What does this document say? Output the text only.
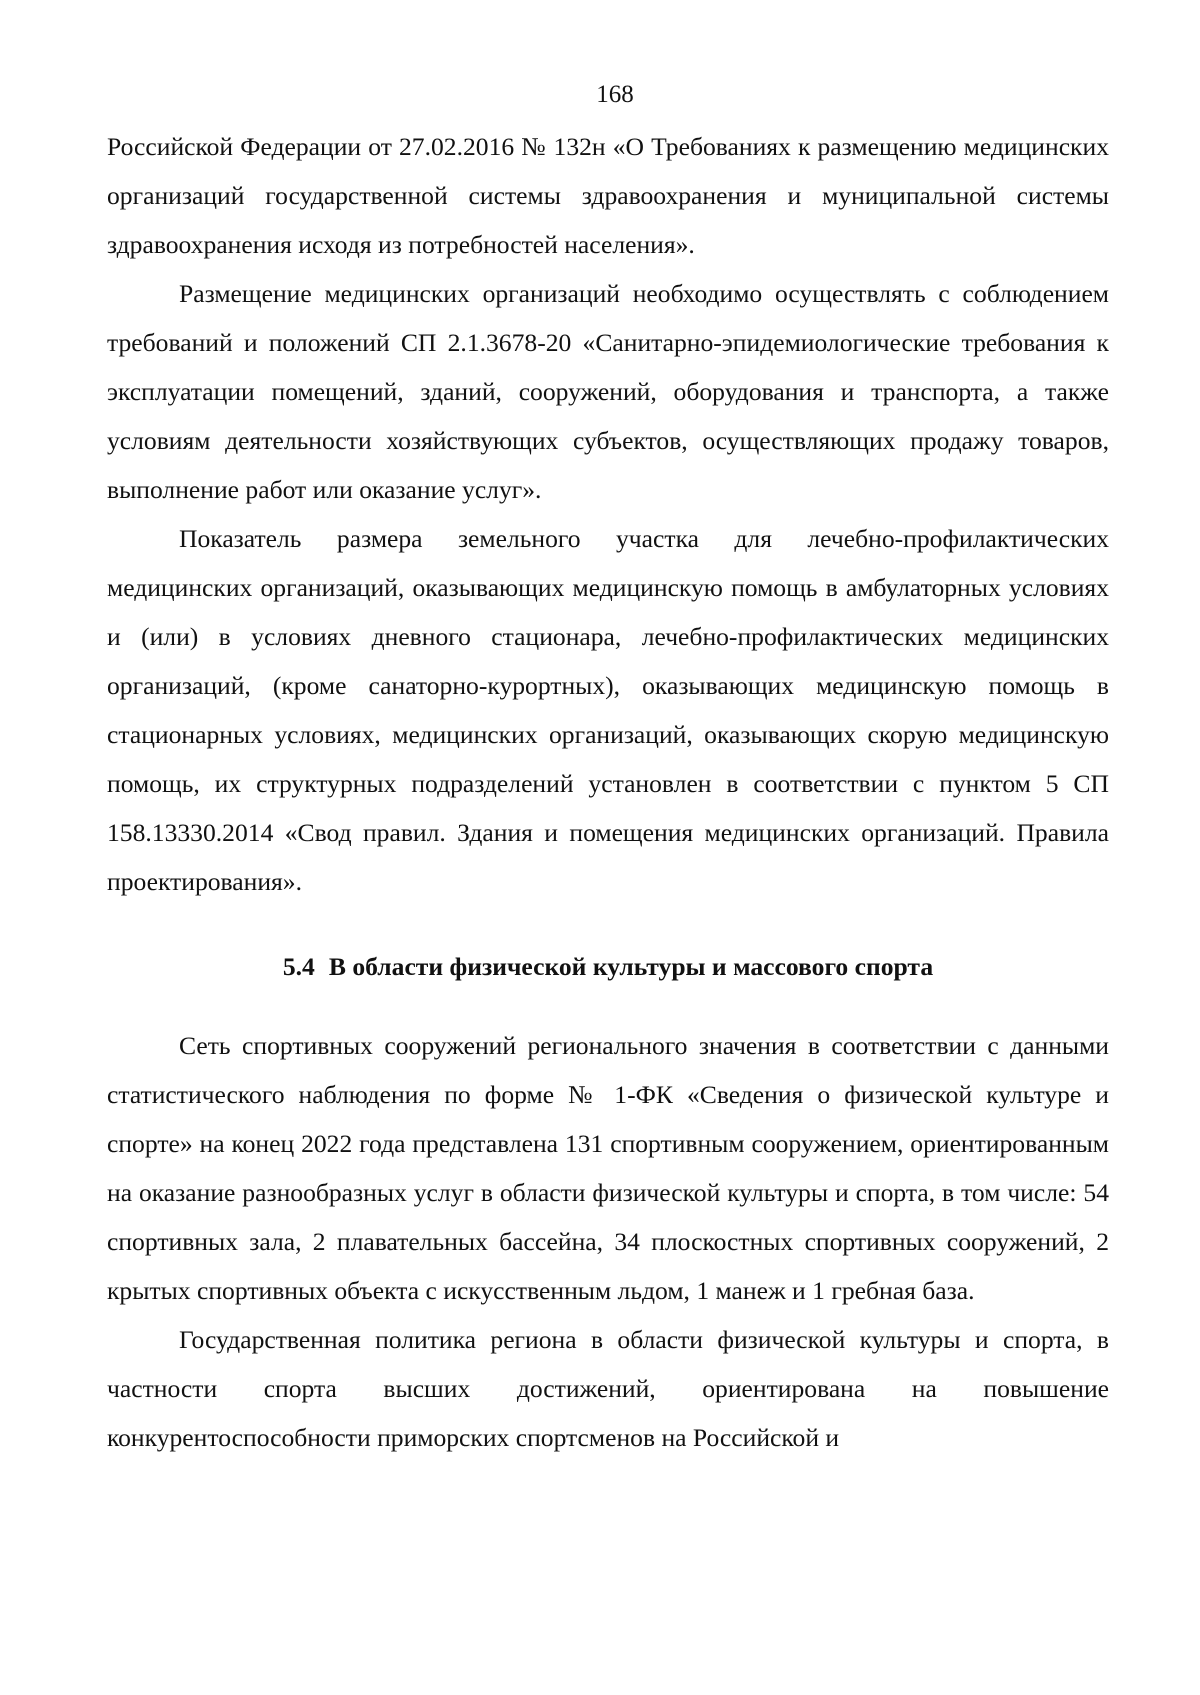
168

Российской Федерации от 27.02.2016 № 132н «О Требованиях к размещению медицинских организаций государственной системы здравоохранения и муниципальной системы здравоохранения исходя из потребностей населения».

Размещение медицинских организаций необходимо осуществлять с соблюдением требований и положений СП 2.1.3678-20 «Санитарно-эпидемиологические требования к эксплуатации помещений, зданий, сооружений, оборудования и транспорта, а также условиям деятельности хозяйствующих субъектов, осуществляющих продажу товаров, выполнение работ или оказание услуг».

Показатель размера земельного участка для лечебно-профилактических медицинских организаций, оказывающих медицинскую помощь в амбулаторных условиях и (или) в условиях дневного стационара, лечебно-профилактических медицинских организаций, (кроме санаторно-курортных), оказывающих медицинскую помощь в стационарных условиях, медицинских организаций, оказывающих скорую медицинскую помощь, их структурных подразделений установлен в соответствии с пунктом 5 СП 158.13330.2014 «Свод правил. Здания и помещения медицинских организаций. Правила проектирования».

5.4 В области физической культуры и массового спорта

Сеть спортивных сооружений регионального значения в соответствии с данными статистического наблюдения по форме № 1-ФК «Сведения о физической культуре и спорте» на конец 2022 года представлена 131 спортивным сооружением, ориентированным на оказание разнообразных услуг в области физической культуры и спорта, в том числе: 54 спортивных зала, 2 плавательных бассейна, 34 плоскостных спортивных сооружений, 2 крытых спортивных объекта с искусственным льдом, 1 манеж и 1 гребная база.

Государственная политика региона в области физической культуры и спорта, в частности спорта высших достижений, ориентирована на повышение конкурентоспособности приморских спортсменов на Российской и
